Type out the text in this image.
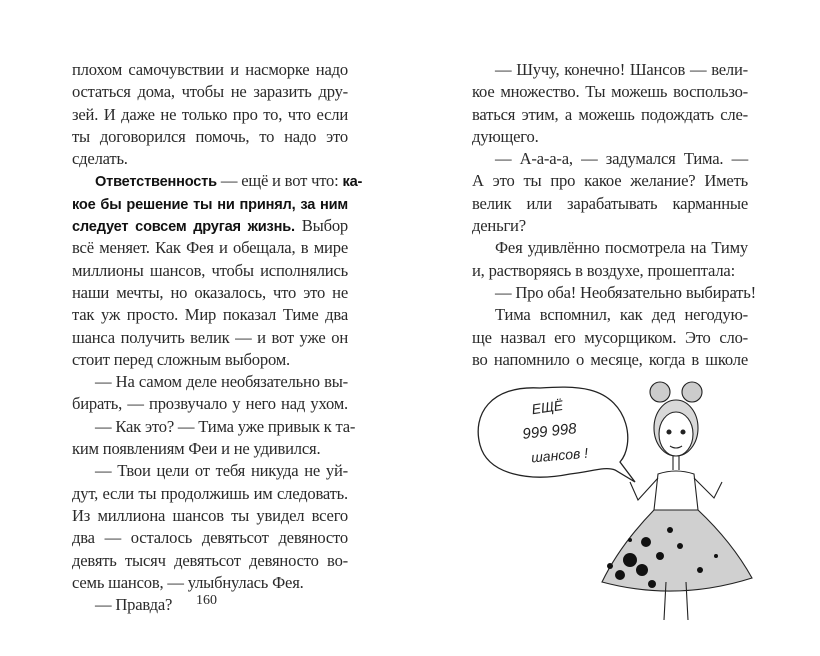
плохом самочувствии и насморке надо
остаться дома, чтобы не заразить дру-
зей. И даже не только про то, что если
ты договорился помочь, то надо это
сделать.
Ответственность — ещё и вот что: ка-
кое бы решение ты ни принял, за ним
следует совсем другая жизнь. Выбор
всё меняет. Как Фея и обещала, в мире
миллионы шансов, чтобы исполнялись
наши мечты, но оказалось, что это не
так уж просто. Мир показал Тиме два
шанса получить велик — и вот уже он
стоит перед сложным выбором.
— На самом деле необязательно вы-
бирать, — прозвучало у него над ухом.
— Как это? — Тима уже привык к та-
ким появлениям Феи и не удивился.
— Твои цели от тебя никуда не уй-
дут, если ты продолжишь им следовать.
Из миллиона шансов ты увидел всего
два — осталось девятьсот девяносто
девять тысяч девятьсот девяносто во-
семь шансов, — улыбнулась Фея.
— Правда?
— Шучу, конечно! Шансов — вели-
кое множество. Ты можешь воспользо-
ваться этим, а можешь подождать сле-
дующего.
— А-а-а-а, — задумался Тима. —
А это ты про какое желание? Иметь
велик или зарабатывать карманные
деньги?
Фея удивлённо посмотрела на Тиму
и, растворяясь в воздухе, прошептала:
— Про оба! Необязательно выбирать!
Тима вспомнил, как дед негодую-
ще назвал его мусорщиком. Это сло-
во напомнило о месяце, когда в школе
160
ЕЩЁ
999 998
шансов !
